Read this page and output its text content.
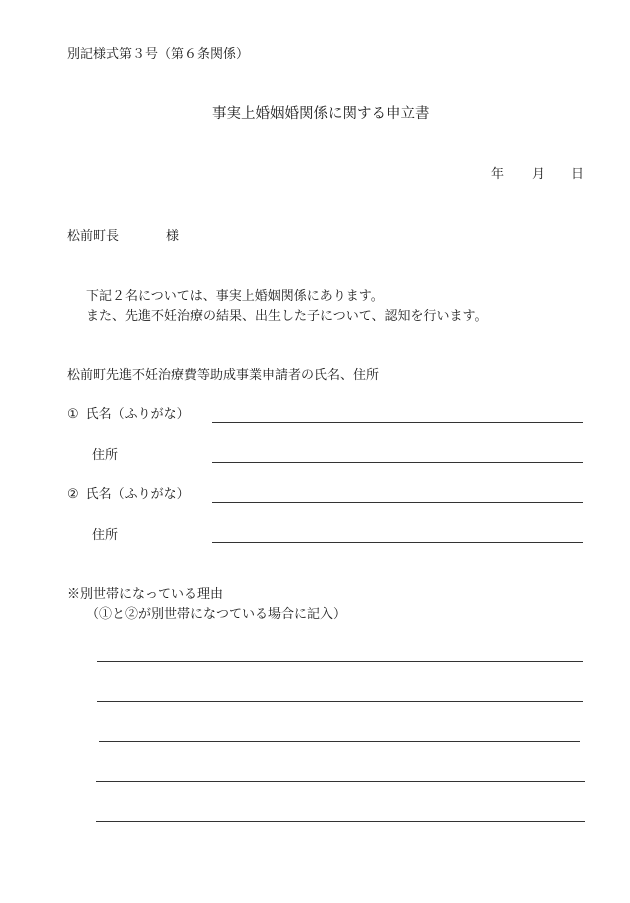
別記様式第３号（第６条関係）
事実上婚姻婚関係に関する申立書
年 月 日
松前町長	様
下記２名については、事実上婚姻関係にあります。
また、先進不妊治療の結果、出生した子について、認知を行います。
松前町先進不妊治療費等助成事業申請者の氏名、住所
① 氏名（ふりがな）
住所
② 氏名（ふりがな）
住所
※別世帯になっている理由
（①と②が別世帯になつている場合に記入）
